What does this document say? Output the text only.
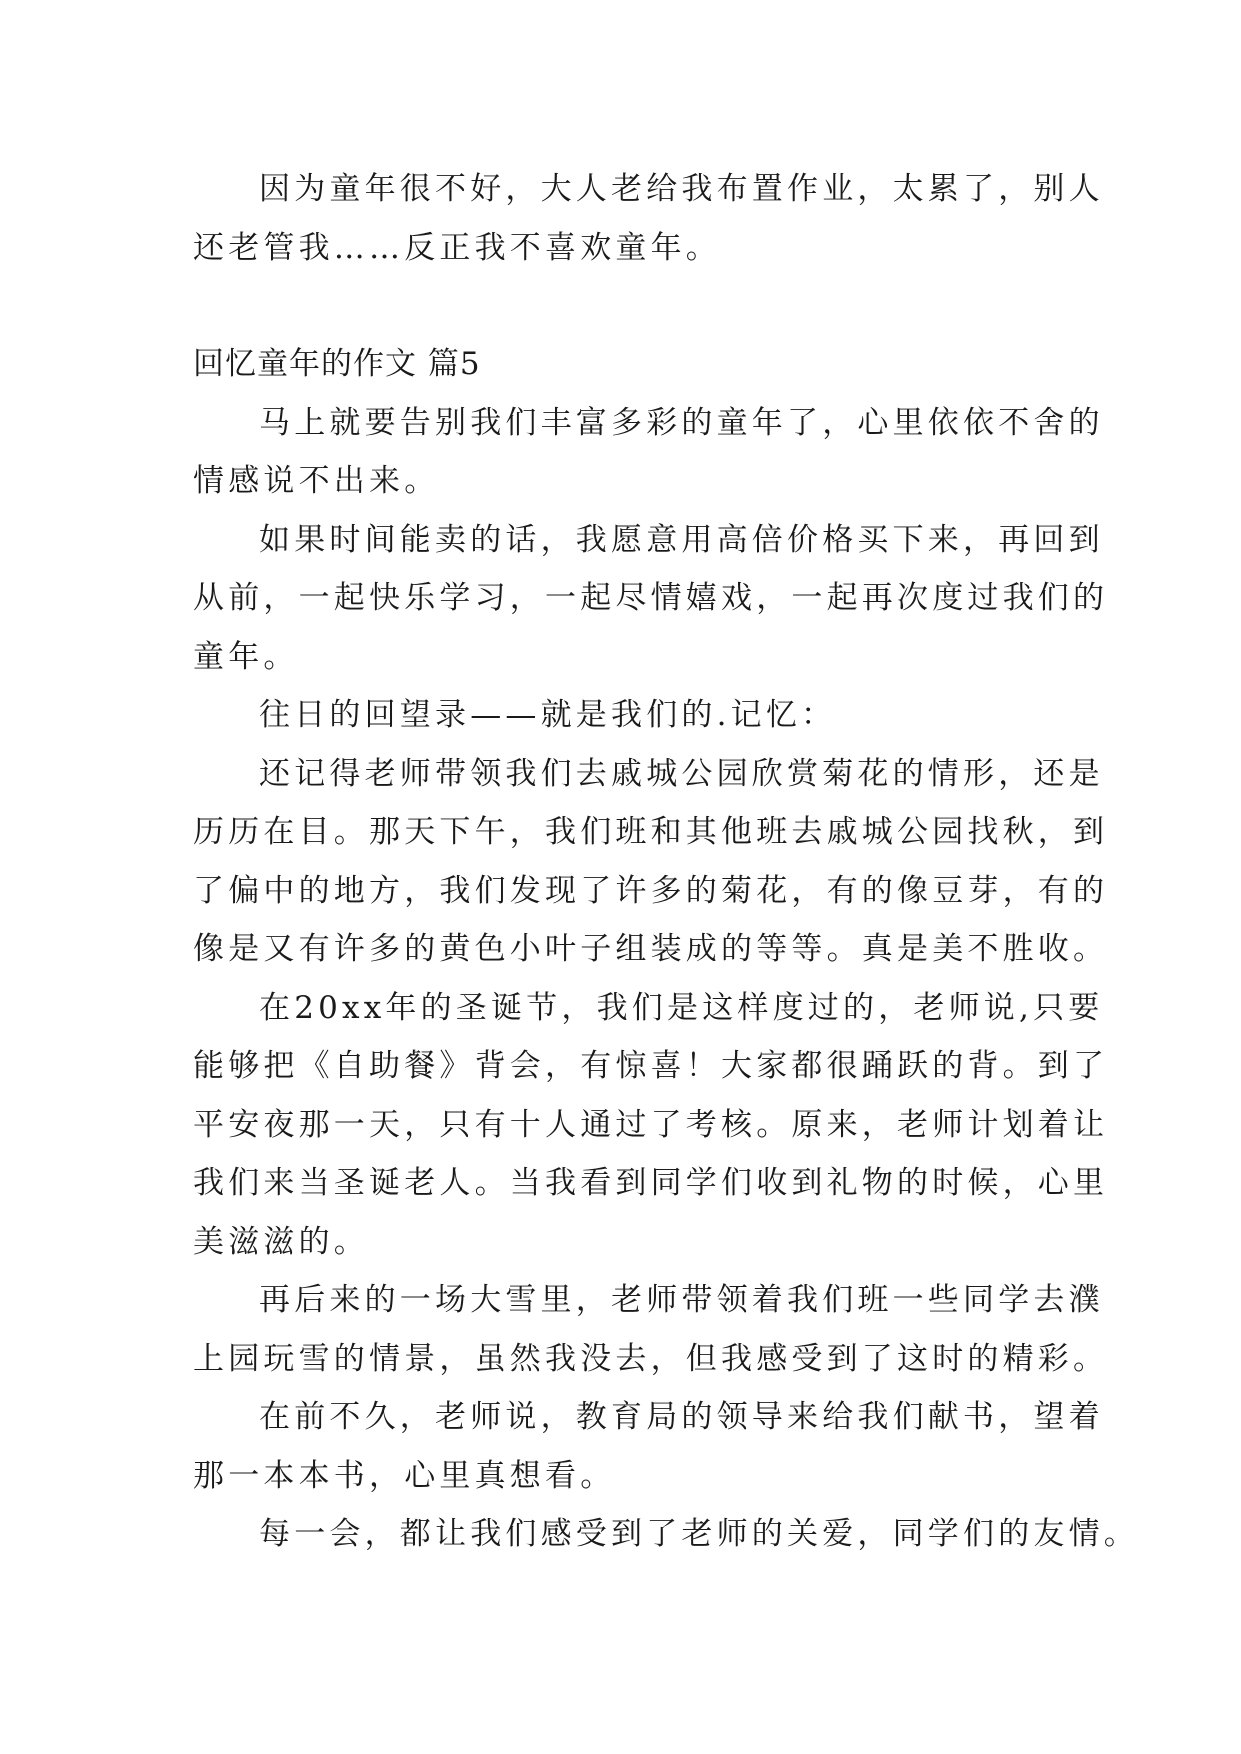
因为童年很不好，大人老给我布置作业，太累了，别人
还老管我……反正我不喜欢童年。
回忆童年的作文 篇5
马上就要告别我们丰富多彩的童年了，心里依依不舍的
情感说不出来。
如果时间能卖的话，我愿意用高倍价格买下来，再回到
从前，一起快乐学习，一起尽情嬉戏，一起再次度过我们的
童年。
往日的回望录——就是我们的.记忆：
还记得老师带领我们去戚城公园欣赏菊花的情形，还是
历历在目。那天下午，我们班和其他班去戚城公园找秋，到
了偏中的地方，我们发现了许多的菊花，有的像豆芽，有的
像是又有许多的黄色小叶子组装成的等等。真是美不胜收。
在20xx年的圣诞节，我们是这样度过的，老师说,只要
能够把《自助餐》背会，有惊喜！大家都很踊跃的背。到了
平安夜那一天，只有十人通过了考核。原来，老师计划着让
我们来当圣诞老人。当我看到同学们收到礼物的时候，心里
美滋滋的。
再后来的一场大雪里，老师带领着我们班一些同学去濮
上园玩雪的情景，虽然我没去，但我感受到了这时的精彩。
在前不久，老师说，教育局的领导来给我们献书，望着
那一本本书，心里真想看。
每一会，都让我们感受到了老师的关爱，同学们的友情。
